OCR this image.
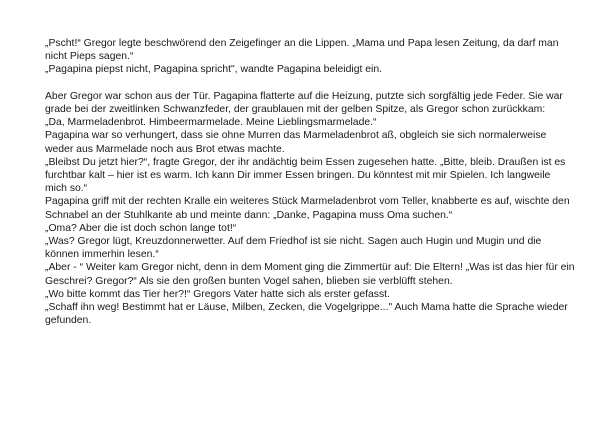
„Pscht!“ Gregor legte beschwörend den Zeigefinger an die Lippen. „Mama und Papa lesen Zeitung, da darf man nicht Pieps sagen.“

„Pagapina piepst nicht, Pagapina spricht", wandte Pagapina beleidigt ein.

Aber Gregor war schon aus der Tür. Pagapina flatterte auf die Heizung, putzte sich sorgfältig jede Feder. Sie war grade bei der zweitlinken Schwanzfeder, der graublauen mit der gelben Spitze, als Gregor schon zurückkam:

„Da, Marmeladenbrot. Himbeermarmelade. Meine Lieblingsmarmelade.“

Pagapina war so verhungert, dass sie ohne Murren das Marmeladenbrot aß, obgleich sie sich normalerweise weder aus Marmelade noch aus Brot etwas machte.

„Bleibst Du jetzt hier?“, fragte Gregor, der ihr andächtig beim Essen zugesehen hatte. „Bitte, bleib. Draußen ist es furchtbar kalt – hier ist es warm. Ich kann Dir immer Essen bringen. Du könntest mit mir Spielen. Ich langweile mich so.“

Pagapina griff mit der rechten Kralle ein weiteres Stück Marmeladenbrot vom Teller, knabberte es auf, wischte den Schnabel an der Stuhlkante ab und meinte dann: „Danke, Pagapina muss Oma suchen.“

„Oma? Aber die ist doch schon lange tot!“

„Was? Gregor lügt, Kreuzdonnerwetter. Auf dem Friedhof ist sie nicht. Sagen auch Hugin und Mugin und die können immerhin lesen.“

„Aber - “ Weiter kam Gregor nicht, denn in dem Moment ging die Zimmertür auf: Die Eltern! „Was ist das hier für ein Geschrei? Gregor?“ Als sie den großen bunten Vogel sahen, blieben sie verblüfft stehen.

„Wo bitte kommt das Tier her?!“ Gregors Vater hatte sich als erster gefasst.

„Schaff ihn weg! Bestimmt hat er Läuse, Milben, Zecken, die Vogelgrippe..." Auch Mama hatte die Sprache wieder gefunden.
